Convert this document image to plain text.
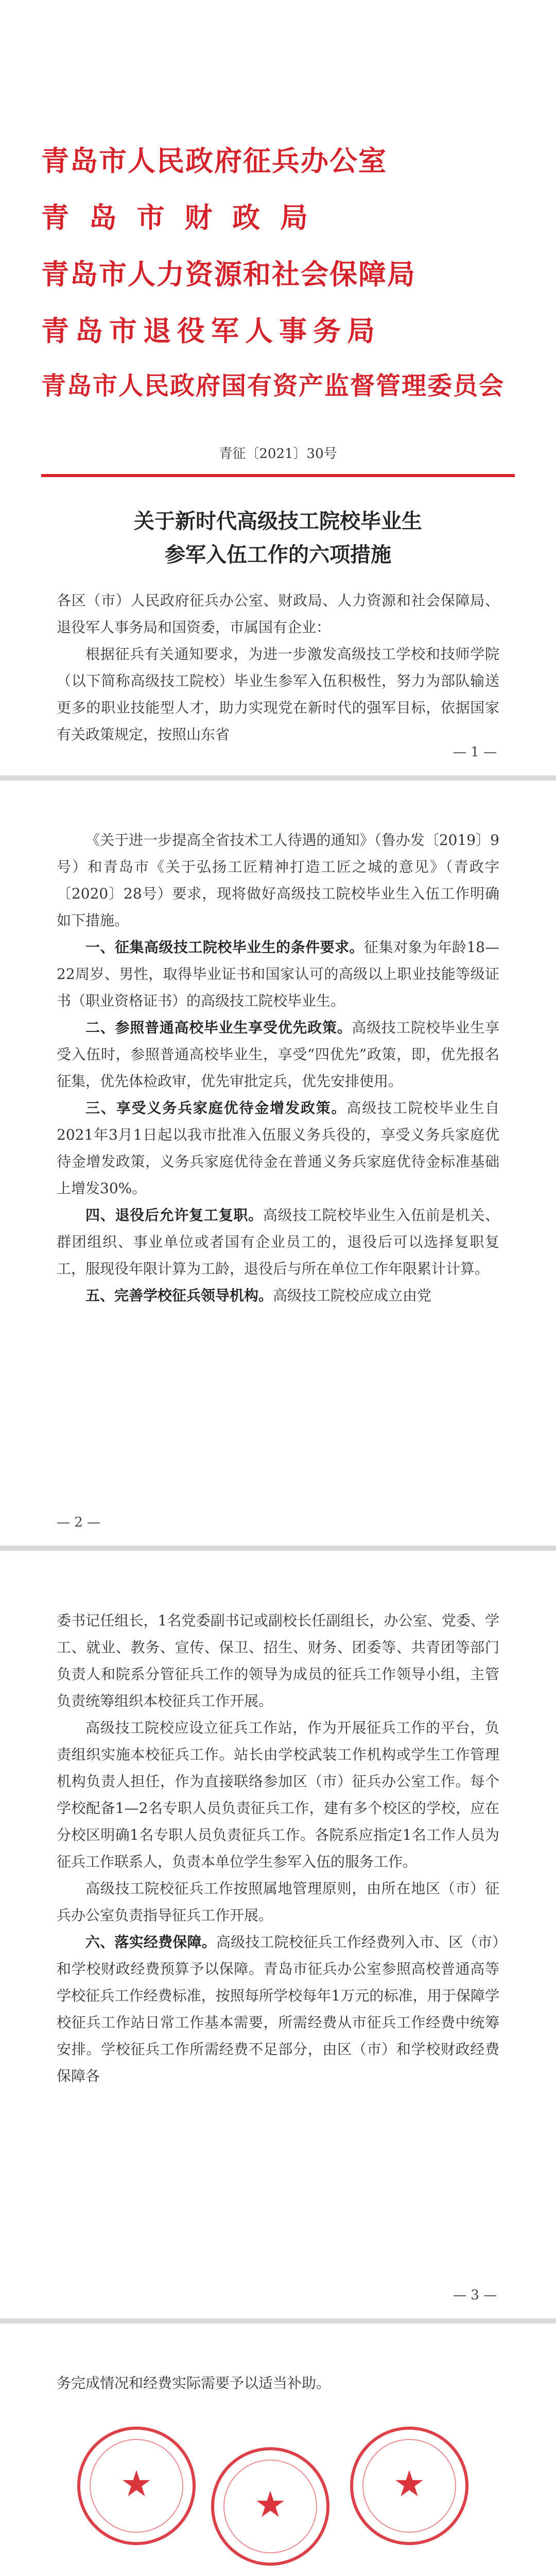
青岛市人民政府征兵办公室
青 岛 市 财 政 局
青岛市人力资源和社会保障局
青岛市退役军人事务局
青岛市人民政府国有资产监督管理委员会
青征〔2021〕30号
关于新时代高级技工院校毕业生
参军入伍工作的六项措施

各区（市）人民政府征兵办公室、财政局、人力资源和社会保障局、退役军人事务局和国资委，市属国有企业：

根据征兵有关通知要求，为进一步激发高级技工学校和技师学院（以下简称高级技工院校）毕业生参军入伍积极性，努力为部队输送更多的职业技能型人才，助力实现党在新时代的强军目标，依据国家有关政策规定，按照山东省

— 1 —

《关于进一步提高全省技术工人待遇的通知》（鲁办发〔2019〕9号）和青岛市《关于弘扬工匠精神打造工匠之城的意见》（青政字〔2020〕28号）要求，现将做好高级技工院校毕业生入伍工作明确如下措施。

一、征集高级技工院校毕业生的条件要求。征集对象为年龄18—22周岁、男性，取得毕业证书和国家认可的高级以上职业技能等级证书（职业资格证书）的高级技工院校毕业生。

二、参照普通高校毕业生享受优先政策。高级技工院校毕业生享受入伍时，参照普通高校毕业生，享受“四优先”政策，即，优先报名征集，优先体检政审，优先审批定兵，优先安排使用。

三、享受义务兵家庭优待金增发政策。高级技工院校毕业生自2021年3月1日起以我市批准入伍服义务兵役的，享受义务兵家庭优待金增发政策，义务兵家庭优待金在普通义务兵家庭优待金标准基础上增发30%。

四、退役后允许复工复职。高级技工院校毕业生入伍前是机关、群团组织、事业单位或者国有企业员工的，退役后可以选择复职复工，服现役年限计算为工龄，退役后与所在单位工作年限累计计算。

五、完善学校征兵领导机构。高级技工院校应成立由党

— 2 —

委书记任组长，1名党委副书记或副校长任副组长，办公室、党委、学工、就业、教务、宣传、保卫、招生、财务、团委等、共青团等部门负责人和院系分管征兵工作的领导为成员的征兵工作领导小组，主管负责统筹组织本校征兵工作开展。

高级技工院校应设立征兵工作站，作为开展征兵工作的平台，负责组织实施本校征兵工作。站长由学校武装工作机构或学生工作管理机构负责人担任，作为直接联络参加区（市）征兵办公室工作。每个学校配备1—2名专职人员负责征兵工作，建有多个校区的学校，应在分校区明确1名专职人员负责征兵工作。各院系应指定1名工作人员为征兵工作联系人，负责本单位学生参军入伍的服务工作。

高级技工院校征兵工作按照属地管理原则，由所在地区（市）征兵办公室负责指导征兵工作开展。

六、落实经费保障。高级技工院校征兵工作经费列入市、区（市）和学校财政经费预算予以保障。青岛市征兵办公室参照高校普通高等学校征兵工作经费标准，按照每所学校每年1万元的标准，用于保障学校征兵工作站日常工作基本需要，所需经费从市征兵工作经费中统筹安排。学校征兵工作所需经费不足部分，由区（市）和学校财政经费保障各

— 3 —

务完成情况和经费实际需要予以适当补助。

★	★	★
